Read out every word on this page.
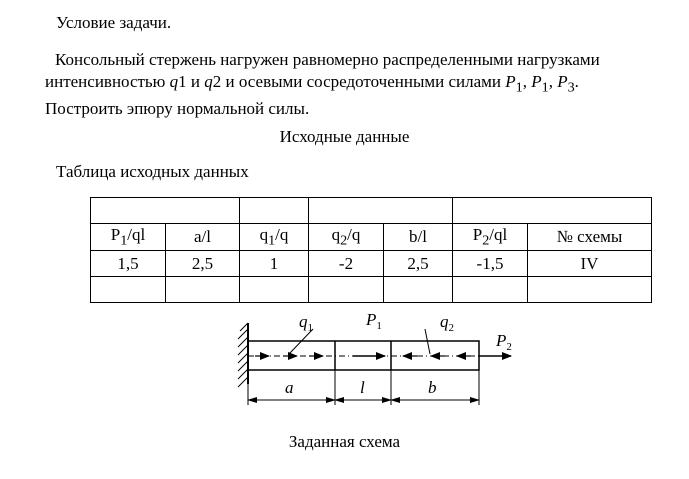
Условие задачи.
Консольный стержень нагружен равномерно распределенными нагрузками интенсивностью q1 и q2 и осевыми сосредоточенными силами $P_1$, $P_1$, $P_3$.
Построить эпюру нормальной силы.
Исходные данные
Таблица исходных данных

$P_1/ql$	a/l	$q_1/q$	$q_2/q$	b/l	$P_2/ql$	№ схемы
1,5	2,5	1	-2	2,5	-1,5	IV

$q_1$	$P_1$	$q_2$
$P_2$
a	l	b
Заданная схема
